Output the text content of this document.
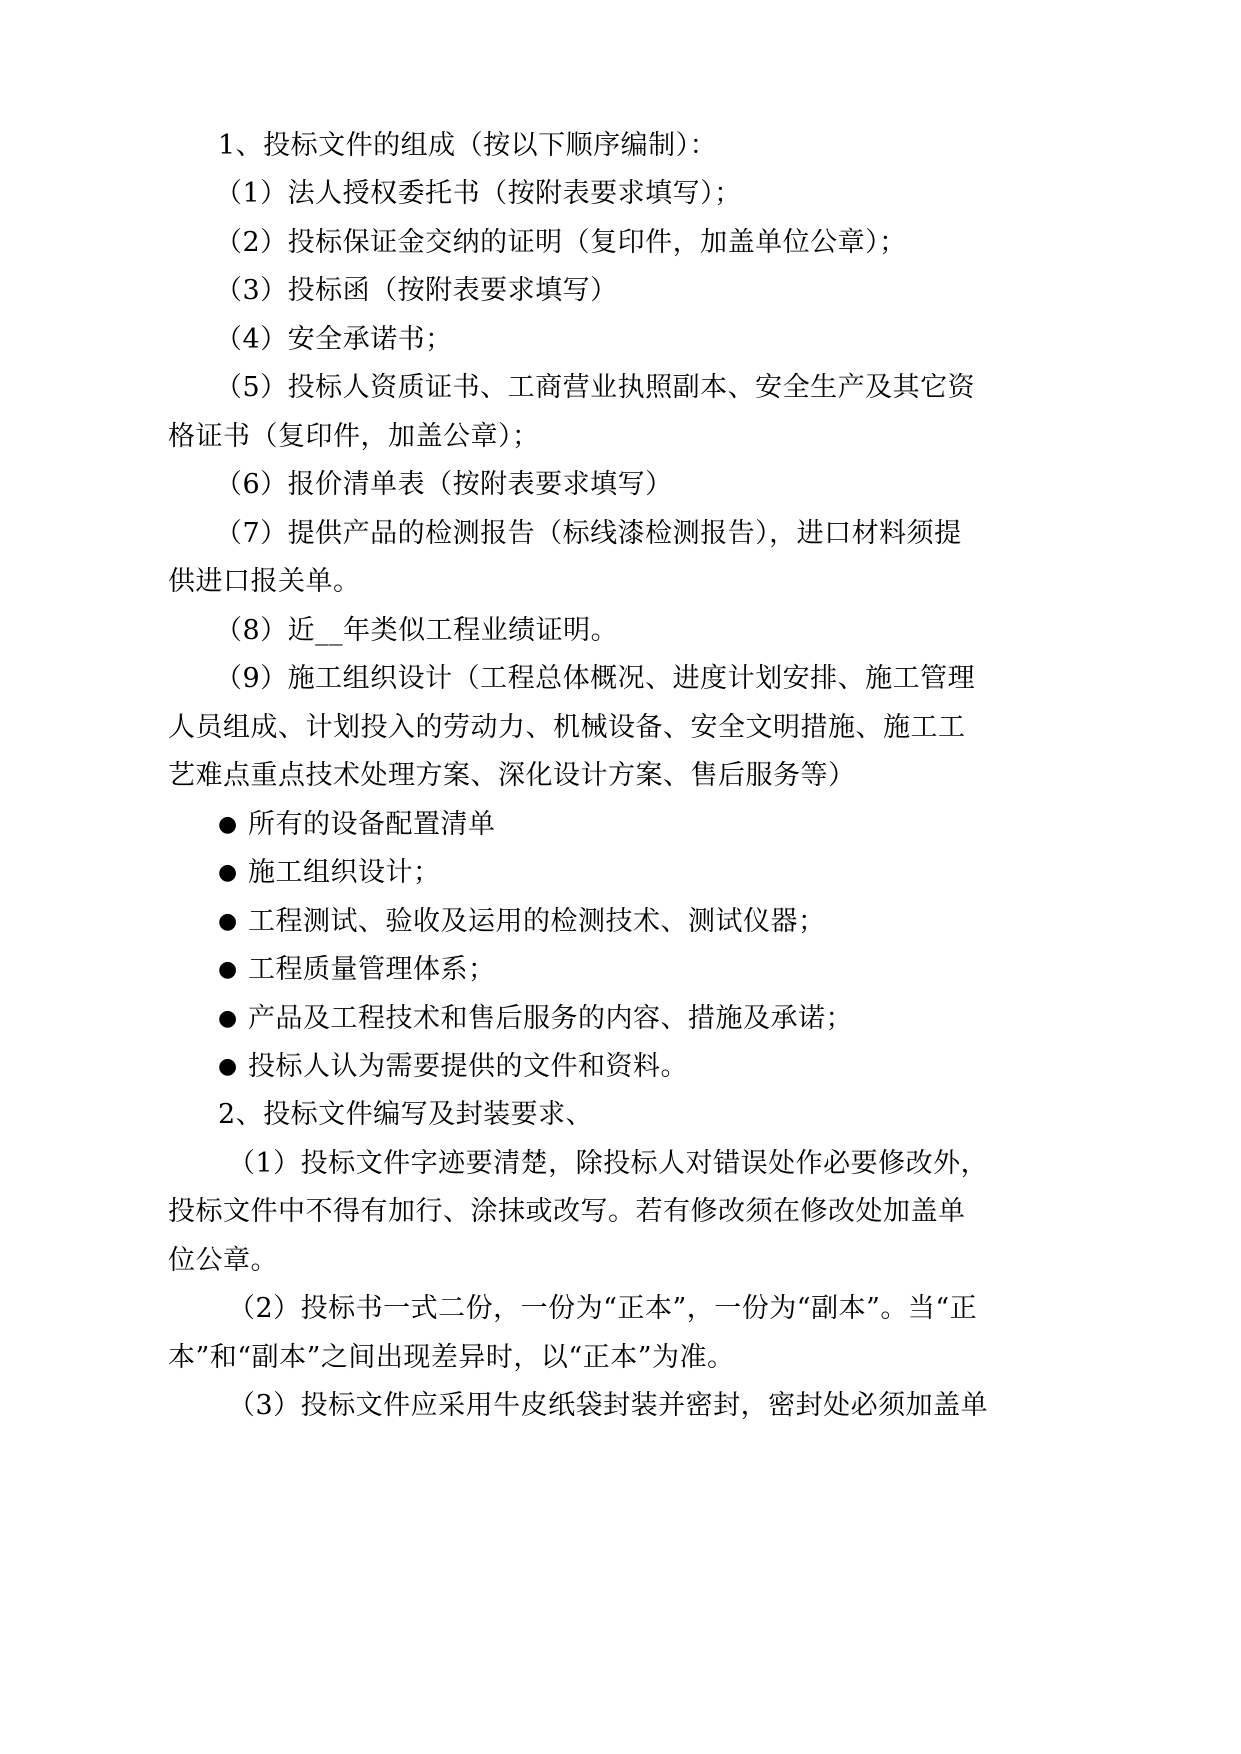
1、投标文件的组成（按以下顺序编制）：
（1）法人授权委托书（按附表要求填写）；
（2）投标保证金交纳的证明（复印件，加盖单位公章）；
（3）投标函（按附表要求填写）
（4）安全承诺书；
（5）投标人资质证书、工商营业执照副本、安全生产及其它资
格证书（复印件，加盖公章）；
（6）报价清单表（按附表要求填写）
（7）提供产品的检测报告（标线漆检测报告），进口材料须提
供进口报关单。
（8）近__年类似工程业绩证明。
（9）施工组织设计（工程总体概况、进度计划安排、施工管理
人员组成、计划投入的劳动力、机械设备、安全文明措施、施工工
艺难点重点技术处理方案、深化设计方案、售后服务等）
● 所有的设备配置清单
● 施工组织设计；
● 工程测试、验收及运用的检测技术、测试仪器；
● 工程质量管理体系；
● 产品及工程技术和售后服务的内容、措施及承诺；
● 投标人认为需要提供的文件和资料。
2、投标文件编写及封装要求、
（1）投标文件字迹要清楚，除投标人对错误处作必要修改外，
投标文件中不得有加行、涂抹或改写。若有修改须在修改处加盖单
位公章。
（2）投标书一式二份，一份为“正本”，一份为“副本”。当“正
本”和“副本”之间出现差异时，以“正本”为准。
（3）投标文件应采用牛皮纸袋封装并密封，密封处必须加盖单
